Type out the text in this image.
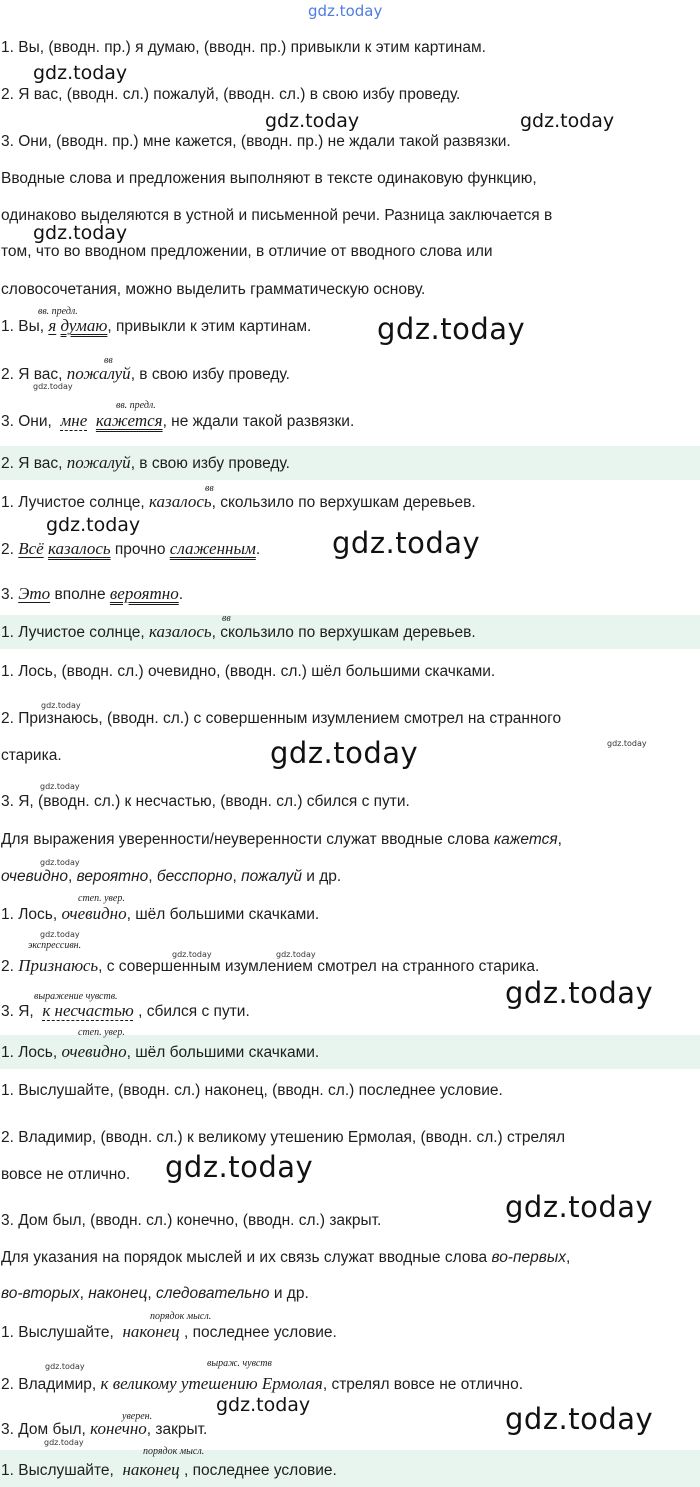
1. Вы, (вводн. пр.) я думаю, (вводн. пр.) привыкли к этим картинам.
2. Я вас, (вводн. сл.) пожалуй, (вводн. сл.) в свою избу проведу.
3. Они, (вводн. пр.) мне кажется, (вводн. пр.) не ждали такой развязки.
Вводные слова и предложения выполняют в тексте одинаковую функцию,
одинаково выделяются в устной и письменной речи. Разница заключается в
том, что во вводном предложении, в отличие от вводного слова или
словосочетания, можно выделить грамматическую основу.
вв. предл.
1. Вы, я думаю, привыкли к этим картинам.
вв
2. Я вас, пожалуй, в свою избу проведу.
вв. предл.
3. Они,  мне кажется, не ждали такой развязки.
2. Я вас, пожалуй, в свою избу проведу.
вв
1. Лучистое солнце, казалось, скользило по верхушкам деревьев.
2. Всё казалось прочно слаженным.
3. Это вполне вероятно.
вв
1. Лучистое солнце, казалось, скользило по верхушкам деревьев.
1. Лось, (вводн. сл.) очевидно, (вводн. сл.) шёл большими скачками.
2. Признаюсь, (вводн. сл.) с совершенным изумлением смотрел на странного
старика.
3. Я, (вводн. сл.) к несчастью, (вводн. сл.) сбился с пути.
Для выражения уверенности/неуверенности служат вводные слова кажется,
очевидно, вероятно, бесспорно, пожалуй и др.
степ. увер.
1. Лось, очевидно, шёл большими скачками.
экспрессивн.
2. Признаюсь, с совершенным изумлением смотрел на странного старика.
выражение чувств.
3. Я,  к несчастью , сбился с пути.
степ. увер.
1. Лось, очевидно, шёл большими скачками.
1. Выслушайте, (вводн. сл.) наконец, (вводн. сл.) последнее условие.
2. Владимир, (вводн. сл.) к великому утешению Ермолая, (вводн. сл.) стрелял
вовсе не отлично.
3. Дом был, (вводн. сл.) конечно, (вводн. сл.) закрыт.
Для указания на порядок мыслей и их связь служат вводные слова во-первых,
во-вторых, наконец, следовательно и др.
порядок мысл.
1. Выслушайте,  наконец , последнее условие.
выраж. чувств
2. Владимир, к великому утешению Ермолая, стрелял вовсе не отлично.
уверен.
3. Дом был, конечно, закрыт.
порядок мысл.
1. Выслушайте,  наконец , последнее условие.
gdz.today
gdz.today
gdz.today	gdz.today
gdz.today
gdz.today
gdz.today
gdz.today
gdz.today
gdz.today
gdz.today	gdz.today
gdz.today
gdz.today
gdz.today
gdz.today	gdz.today
gdz.today
gdz.today
gdz.today
gdz.today
gdz.today	gdz.today
gdz.today
